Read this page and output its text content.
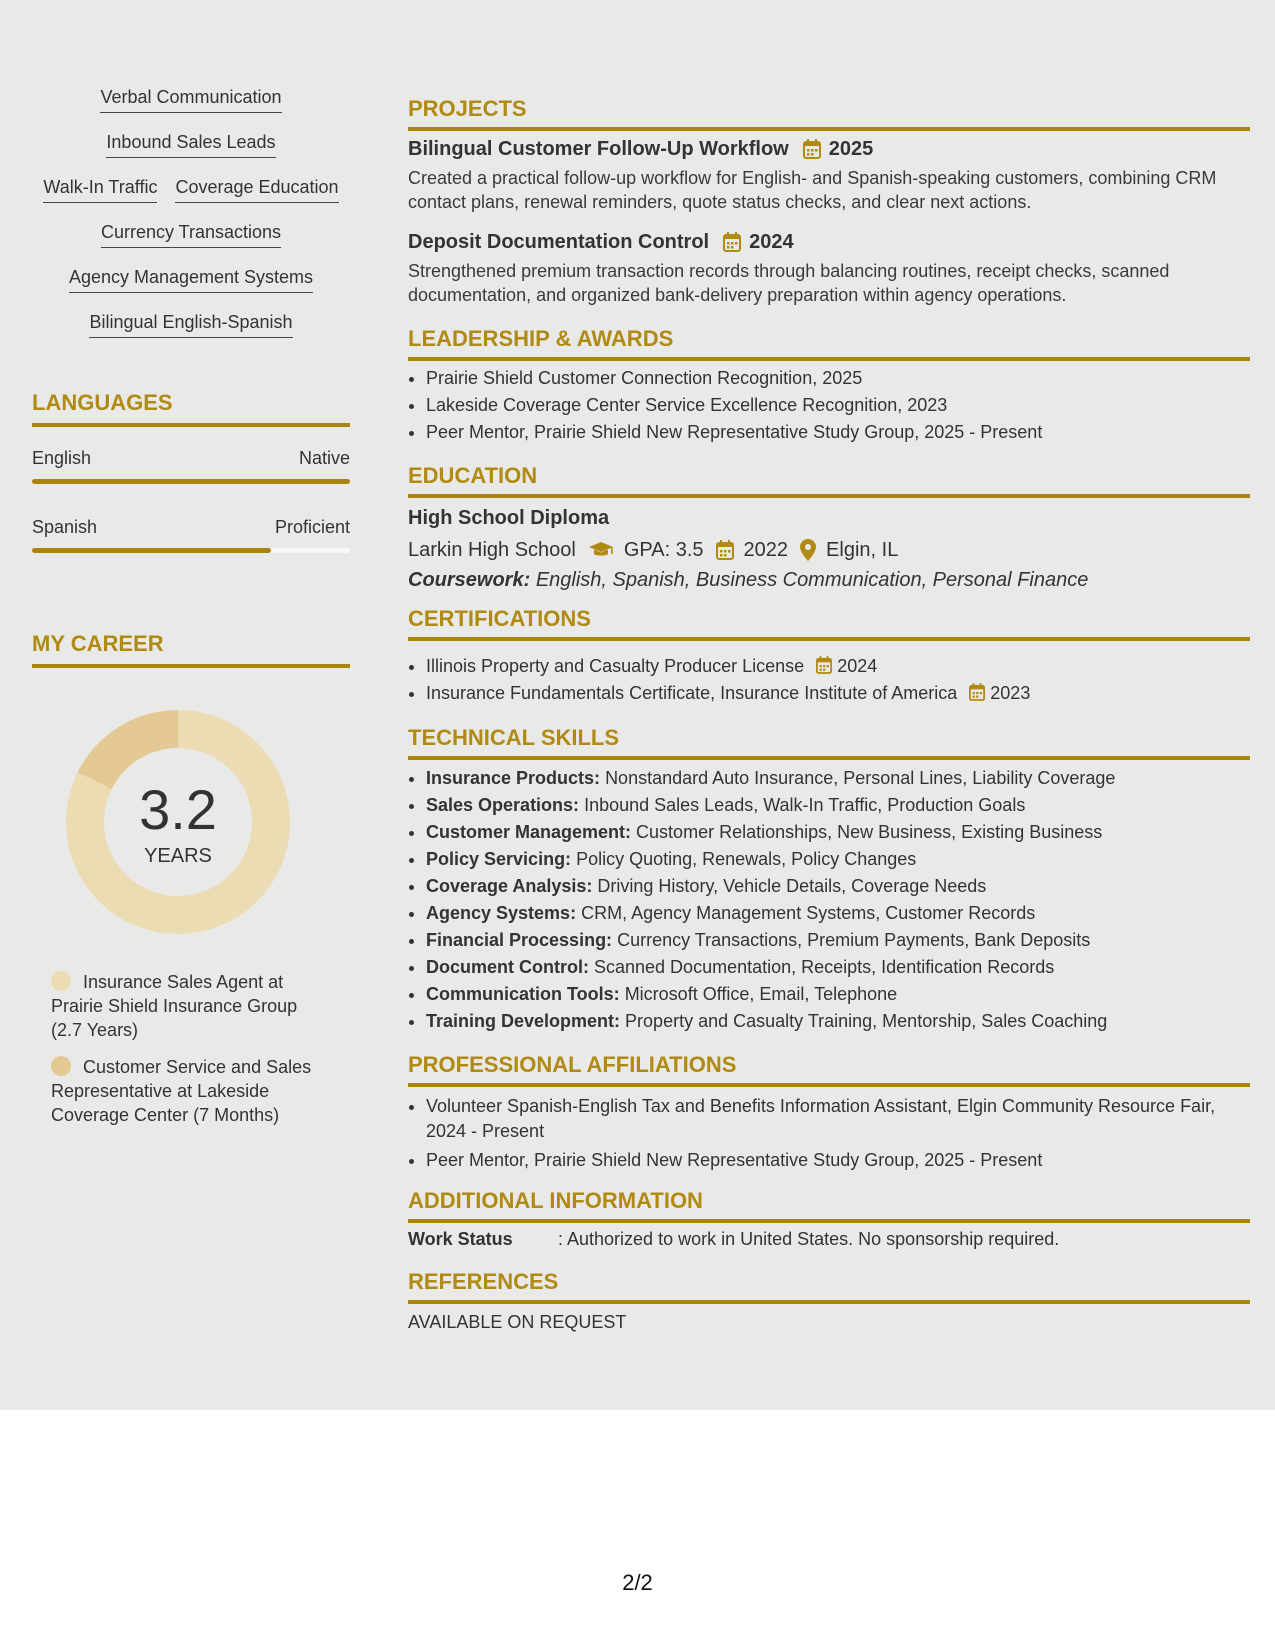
Verbal Communication
Inbound Sales Leads
Walk-In Traffic Coverage Education
Currency Transactions
Agency Management Systems
Bilingual English-Spanish
LANGUAGES
English	Native
Spanish	Proficient
MY CAREER
3.2
YEARS
Insurance Sales Agent at Prairie Shield Insurance Group (2.7 Years)
Customer Service and Sales Representative at Lakeside Coverage Center (7 Months)
PROJECTS
Bilingual Customer Follow-Up Workflow 2025
Created a practical follow-up workflow for English- and Spanish-speaking customers, combining CRM contact plans, renewal reminders, quote status checks, and clear next actions.
Deposit Documentation Control 2024
Strengthened premium transaction records through balancing routines, receipt checks, scanned documentation, and organized bank-delivery preparation within agency operations.
LEADERSHIP & AWARDS
• Prairie Shield Customer Connection Recognition, 2025
• Lakeside Coverage Center Service Excellence Recognition, 2023
• Peer Mentor, Prairie Shield New Representative Study Group, 2025 - Present
EDUCATION
High School Diploma
Larkin High School GPA: 3.5 2022 Elgin, IL
Coursework: English, Spanish, Business Communication, Personal Finance
CERTIFICATIONS
• Illinois Property and Casualty Producer License 2024
• Insurance Fundamentals Certificate, Insurance Institute of America 2023
TECHNICAL SKILLS
• Insurance Products: Nonstandard Auto Insurance, Personal Lines, Liability Coverage
• Sales Operations: Inbound Sales Leads, Walk-In Traffic, Production Goals
• Customer Management: Customer Relationships, New Business, Existing Business
• Policy Servicing: Policy Quoting, Renewals, Policy Changes
• Coverage Analysis: Driving History, Vehicle Details, Coverage Needs
• Agency Systems: CRM, Agency Management Systems, Customer Records
• Financial Processing: Currency Transactions, Premium Payments, Bank Deposits
• Document Control: Scanned Documentation, Receipts, Identification Records
• Communication Tools: Microsoft Office, Email, Telephone
• Training Development: Property and Casualty Training, Mentorship, Sales Coaching
PROFESSIONAL AFFILIATIONS
• Volunteer Spanish-English Tax and Benefits Information Assistant, Elgin Community Resource Fair, 2024 - Present
• Peer Mentor, Prairie Shield New Representative Study Group, 2025 - Present
ADDITIONAL INFORMATION
Work Status	: Authorized to work in United States. No sponsorship required.
REFERENCES
AVAILABLE ON REQUEST
2/2
